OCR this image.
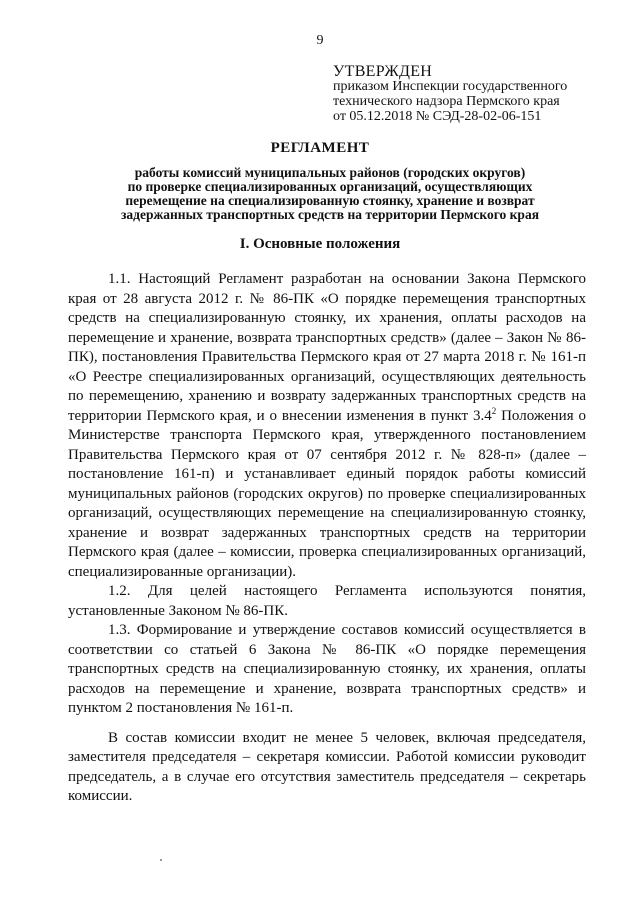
9
УТВЕРЖДЕН
приказом Инспекции государственного
технического надзора Пермского края
от 05.12.2018 № СЭД-28-02-06-151
РЕГЛАМЕНТ
работы комиссий муниципальных районов (городских округов)
по проверке специализированных организаций, осуществляющих
перемещение на специализированную стоянку, хранение и возврат
задержанных транспортных средств на территории Пермского края
I. Основные положения

1.1. Настоящий Регламент разработан на основании Закона Пермского края от 28 августа 2012 г. № 86-ПК «О порядке перемещения транспортных средств на специализированную стоянку, их хранения, оплаты расходов на перемещение и хранение, возврата транспортных средств» (далее – Закон № 86-ПК), постановления Правительства Пермского края от 27 марта 2018 г. № 161-п «О Реестре специализированных организаций, осуществляющих деятельность по перемещению, хранению и возврату задержанных транспортных средств на территории Пермского края, и о внесении изменения в пункт $3.4^2$ Положения о Министерстве транспорта Пермского края, утвержденного постановлением Правительства Пермского края от 07 сентября 2012 г. № 828-п» (далее – постановление 161-п) и устанавливает единый порядок работы комиссий муниципальных районов (городских округов) по проверке специализированных организаций, осуществляющих перемещение на специализированную стоянку, хранение и возврат задержанных транспортных средств на территории Пермского края (далее – комиссии, проверка специализированных организаций, специализированные организации).

1.2. Для целей настоящего Регламента используются понятия, установленные Законом № 86-ПК.

1.3. Формирование и утверждение составов комиссий осуществляется в соответствии со статьей 6 Закона № 86-ПК «О порядке перемещения транспортных средств на специализированную стоянку, их хранения, оплаты расходов на перемещение и хранение, возврата транспортных средств» и пунктом 2 постановления № 161-п.

В состав комиссии входит не менее 5 человек, включая председателя, заместителя председателя – секретаря комиссии. Работой комиссии руководит председатель, а в случае его отсутствия заместитель председателя – секретарь комиссии.
